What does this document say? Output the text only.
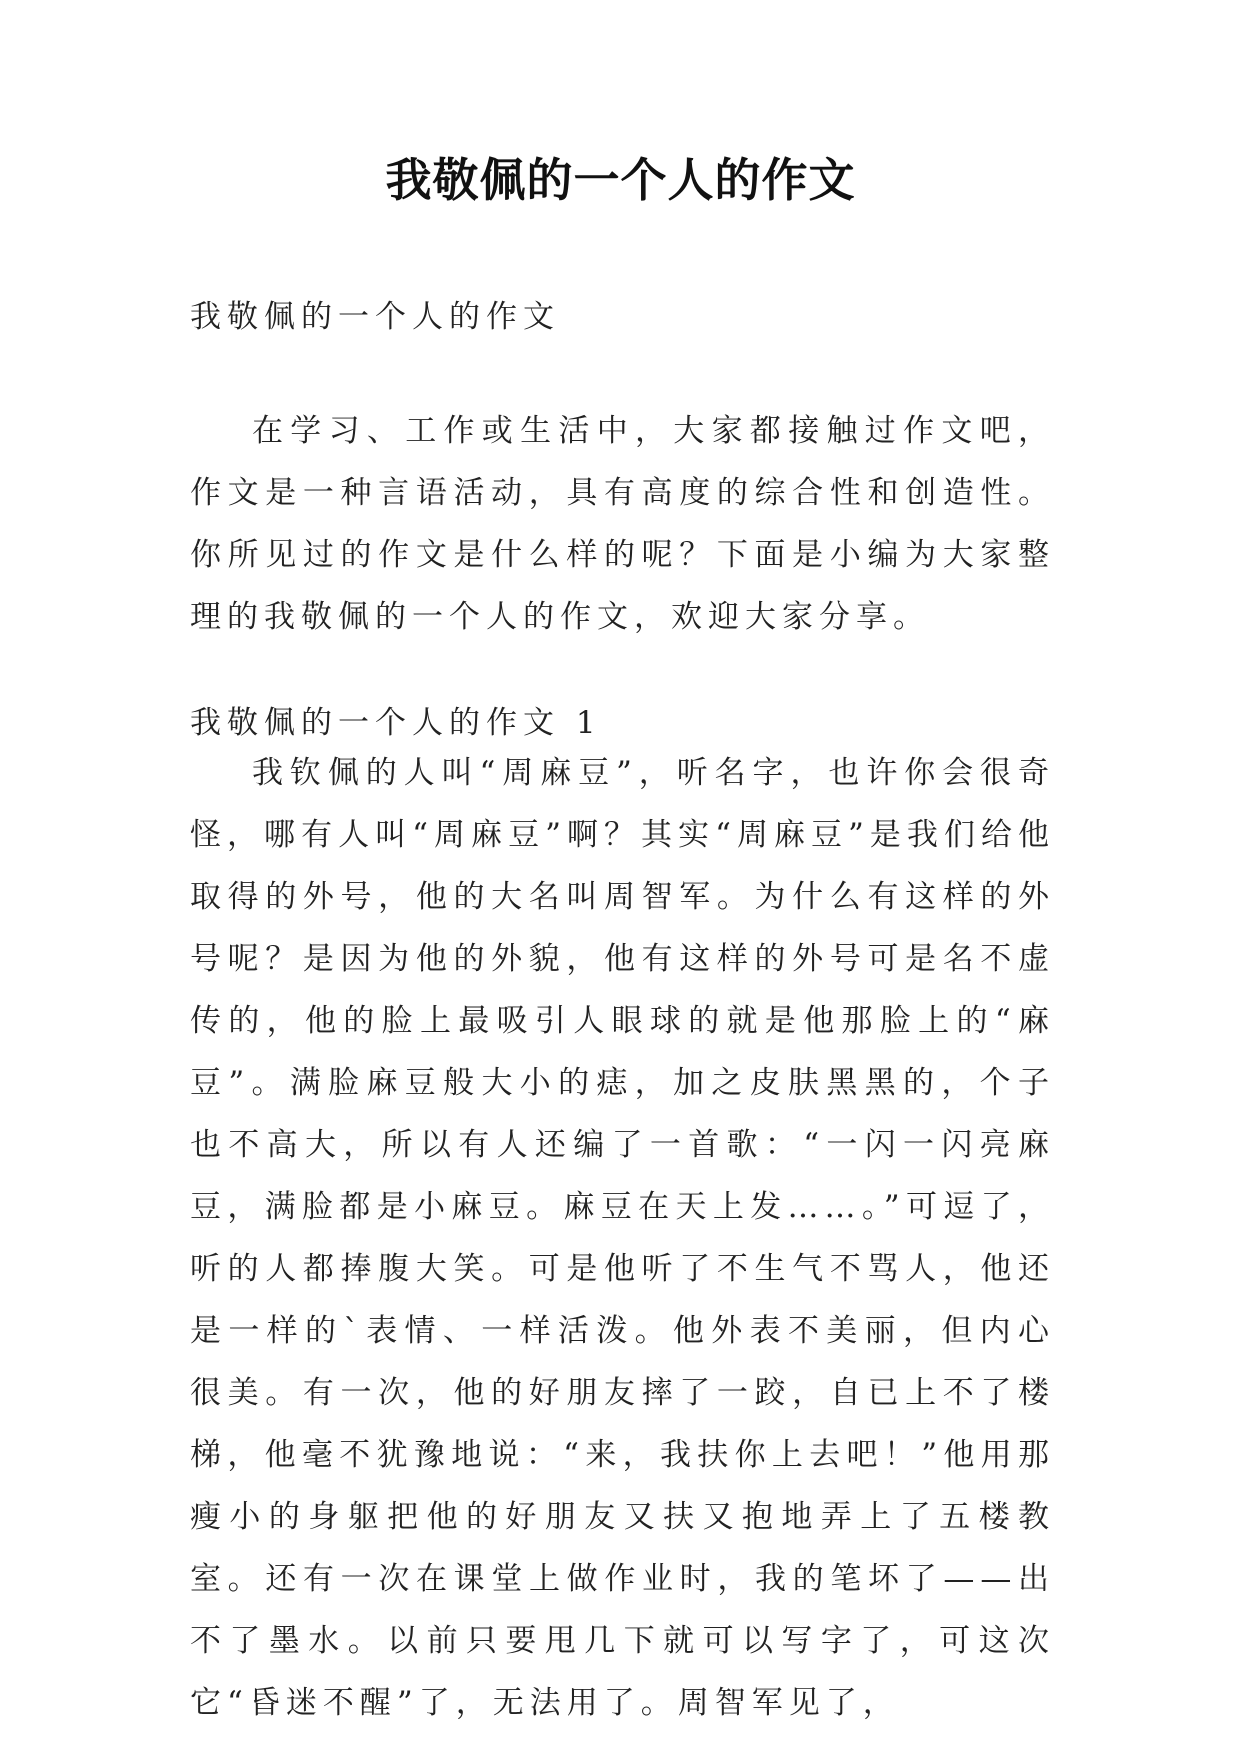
我敬佩的一个人的作文
我敬佩的一个人的作文

在学习、工作或生活中，大家都接触过作文吧，作文是一种言语活动，具有高度的综合性和创造性。你所见过的作文是什么样的呢？下面是小编为大家整理的我敬佩的一个人的作文，欢迎大家分享。

我敬佩的一个人的作文 1

我钦佩的人叫“周麻豆”，听名字，也许你会很奇怪，哪有人叫“周麻豆”啊？其实“周麻豆”是我们给他取得的外号，他的大名叫周智军。为什么有这样的外号呢？是因为他的外貌，他有这样的外号可是名不虚传的，他的脸上最吸引人眼球的就是他那脸上的“麻豆”。满脸麻豆般大小的痣，加之皮肤黑黑的，个子也不高大，所以有人还编了一首歌：“一闪一闪亮麻豆，满脸都是小麻豆。麻豆在天上发……。”可逗了，听的人都捧腹大笑。可是他听了不生气不骂人，他还是一样的`表情、一样活泼。他外表不美丽，但内心很美。有一次，他的好朋友摔了一跤，自已上不了楼梯，他毫不犹豫地说：“来，我扶你上去吧！”他用那瘦小的身躯把他的好朋友又扶又抱地弄上了五楼教室。还有一次在课堂上做作业时，我的笔坏了——出不了墨水。以前只要甩几下就可以写字了，可这次它“昏迷不醒”了，无法用了。周智军见了，
